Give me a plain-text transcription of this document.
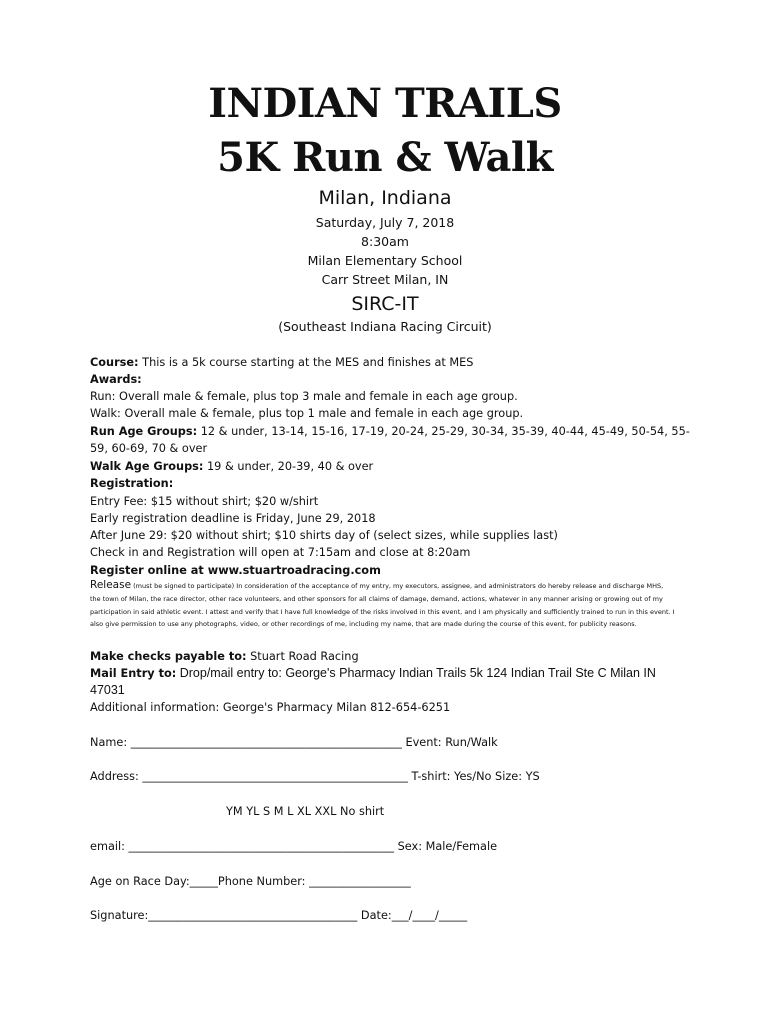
INDIAN TRAILS
5K Run & Walk
Milan, Indiana
Saturday, July 7, 2018
8:30am
Milan Elementary School
Carr Street Milan, IN
SIRC-IT
(Southeast Indiana Racing Circuit)
Course: This is a 5k course starting at the MES and finishes at MES
Awards:
Run: Overall male & female, plus top 3 male and female in each age group.
Walk: Overall male & female, plus top 1 male and female in each age group.
Run Age Groups: 12 & under, 13-14, 15-16, 17-19, 20-24, 25-29, 30-34, 35-39, 40-44, 45-49, 50-54, 55-
59, 60-69, 70 & over
Walk Age Groups: 19 & under, 20-39, 40 & over
Registration:
Entry Fee: $15 without shirt; $20 w/shirt
Early registration deadline is Friday, June 29, 2018
After June 29: $20 without shirt; $10 shirts day of (select sizes, while supplies last)
Check in and Registration will open at 7:15am and close at 8:20am
Register online at www.stuartroadracing.com
Release (must be signed to participate) In consideration of the acceptance of my entry, my executors, assignee, and administrators do hereby release and discharge MHS, the town of Milan, the race director, other race volunteers, and other sponsors for all claims of damage, demand, actions, whatever in any manner arising or growing out of my participation in said athletic event. I attest and verify that I have full knowledge of the risks involved in this event, and I am physically and sufficiently trained to run in this event. I also give permission to use any photographs, video, or other recordings of me, including my name, that are made during the course of this event, for publicity reasons.
Make checks payable to: Stuart Road Racing
Mail Entry to: Drop/mail entry to: George's Pharmacy Indian Trails 5k 124 Indian Trail Ste C Milan IN 47031
Additional information: George's Pharmacy Milan 812-654-6251
Name: ________________________________________________ Event: Run/Walk
Address: _______________________________________________ T-shirt: Yes/No Size: YS
YM YL S M L XL XXL No shirt
email: _______________________________________________ Sex: Male/Female
Age on Race Day:_____Phone Number: __________________
Signature:_____________________________________ Date:___/____/_____
